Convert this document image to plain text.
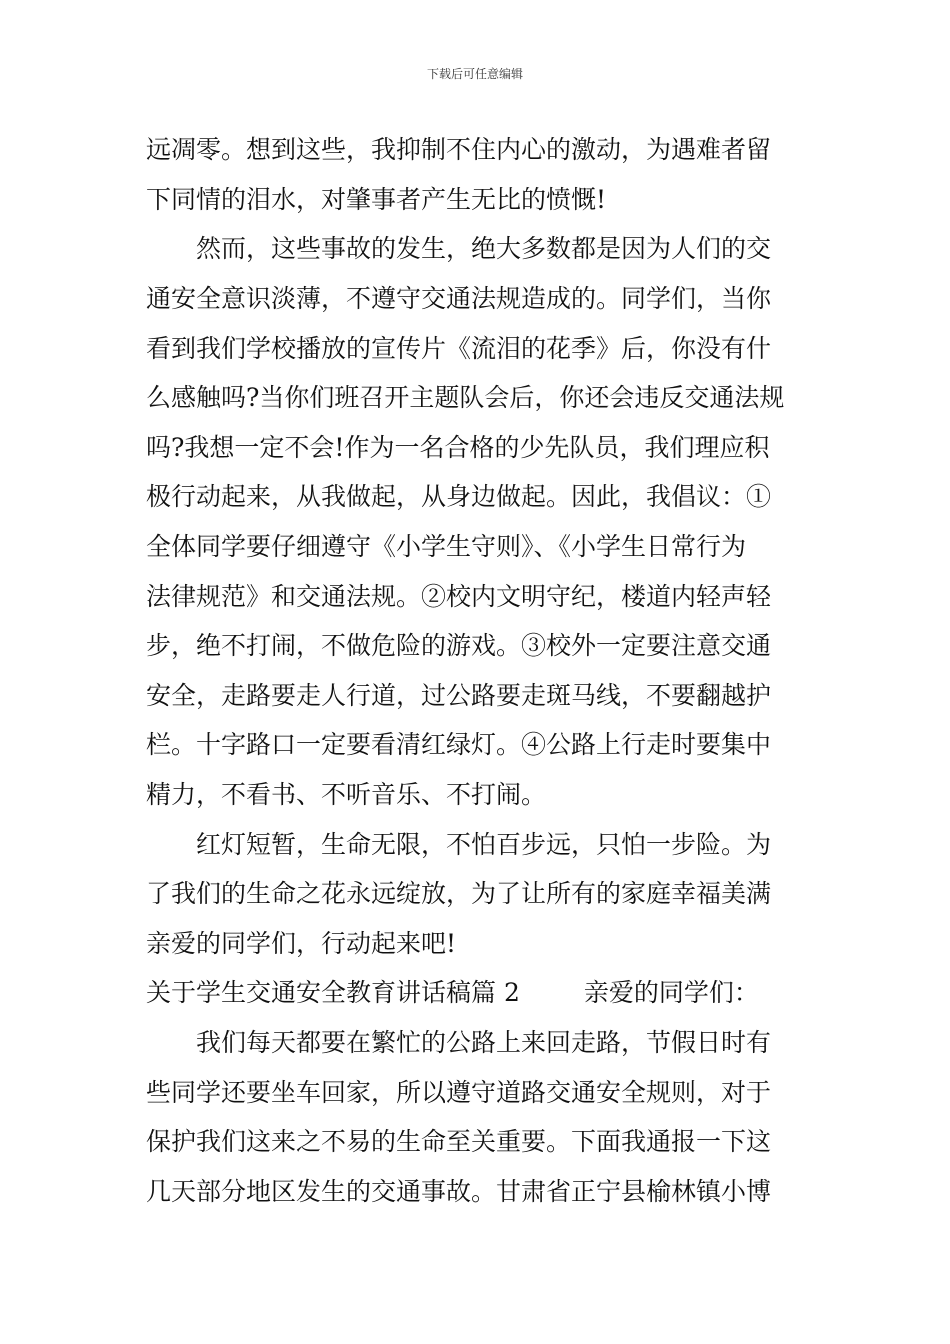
下载后可任意编辑
远凋零。想到这些，我抑制不住内心的激动，为遇难者留
下同情的泪水，对肇事者产生无比的愤慨!
然而，这些事故的发生，绝大多数都是因为人们的交
通安全意识淡薄，不遵守交通法规造成的。同学们，当你
看到我们学校播放的宣传片《流泪的花季》后，你没有什
么感触吗?当你们班召开主题队会后，你还会违反交通法规
吗?我想一定不会!作为一名合格的少先队员，我们理应积
极行动起来，从我做起，从身边做起。因此，我倡议：①
全体同学要仔细遵守《小学生守则》、《小学生日常行为
法律规范》和交通法规。②校内文明守纪，楼道内轻声轻
步，绝不打闹，不做危险的游戏。③校外一定要注意交通
安全，走路要走人行道，过公路要走斑马线，不要翻越护
栏。十字路口一定要看清红绿灯。④公路上行走时要集中
精力，不看书、不听音乐、不打闹。
红灯短暂，生命无限，不怕百步远，只怕一步险。为
了我们的生命之花永远绽放，为了让所有的家庭幸福美满
亲爱的同学们，行动起来吧!
关于学生交通安全教育讲话稿篇 2	亲爱的同学们：
我们每天都要在繁忙的公路上来回走路，节假日时有
些同学还要坐车回家，所以遵守道路交通安全规则，对于
保护我们这来之不易的生命至关重要。下面我通报一下这
几天部分地区发生的交通事故。甘肃省正宁县榆林镇小博
